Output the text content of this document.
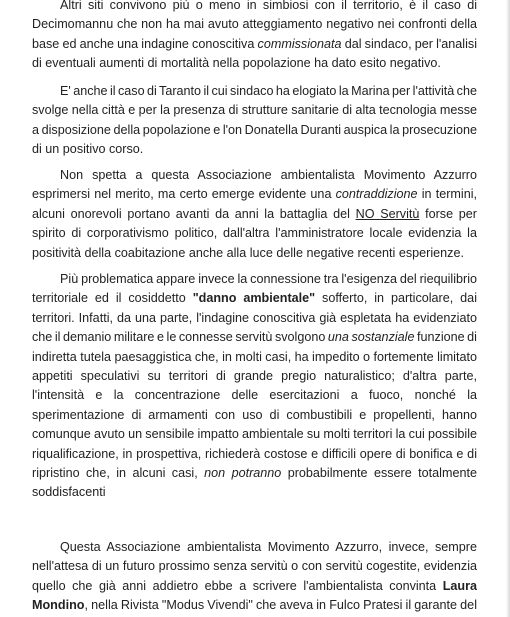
Altri siti convivono più o meno in simbiosi con il territorio, è il caso di
Decimomannu che non ha mai avuto atteggiamento negativo nei confronti della
base ed anche una indagine conoscitiva commissionata dal sindaco, per l'analisi
di eventuali aumenti di mortalità nella popolazione ha dato esito negativo.
E' anche il caso di Taranto il cui sindaco ha elogiato la Marina per l'attività che
svolge nella città e per la presenza di strutture sanitarie di alta tecnologia messe
a disposizione della popolazione e l'on Donatella Duranti auspica la prosecuzione
di un positivo corso.
Non spetta a questa Associazione ambientalista Movimento Azzurro
esprimersi nel merito, ma certo emerge evidente una contraddizione in termini,
alcuni onorevoli portano avanti da anni la battaglia del NO Servitù forse per
spirito di corporativismo politico, dall'altra l'amministratore locale evidenzia la
positività della coabitazione anche alla luce delle negative recenti esperienze.
Più problematica appare invece la connessione tra l'esigenza del riequilibrio
territoriale ed il cosiddetto "danno ambientale" sofferto, in particolare, dai
territori. Infatti, da una parte, l'indagine conoscitiva già espletata ha evidenziato
che il demanio militare e le connesse servitù svolgono una sostanziale funzione di
indiretta tutela paesaggistica che, in molti casi, ha impedito o fortemente limitato
appetiti speculativi su territori di grande pregio naturalistico; d'altra parte,
l'intensità e la concentrazione delle esercitazioni a fuoco, nonché la
sperimentazione di armamenti con uso di combustibili e propellenti, hanno
comunque avuto un sensibile impatto ambientale su molti territori la cui possibile
riqualificazione, in prospettiva, richiederà costose e difficili opere di bonifica e di
ripristino che, in alcuni casi, non potranno probabilmente essere totalmente
soddisfacenti
Questa Associazione ambientalista Movimento Azzurro, invece, sempre
nell'attesa di un futuro prossimo senza servitù o con servitù cogestite, evidenzia
quello che già anni addietro ebbe a scrivere l'ambientalista convinta Laura
Mondino, nella Rivista "Modus Vivendi" che aveva in Fulco Pratesi il garante del
